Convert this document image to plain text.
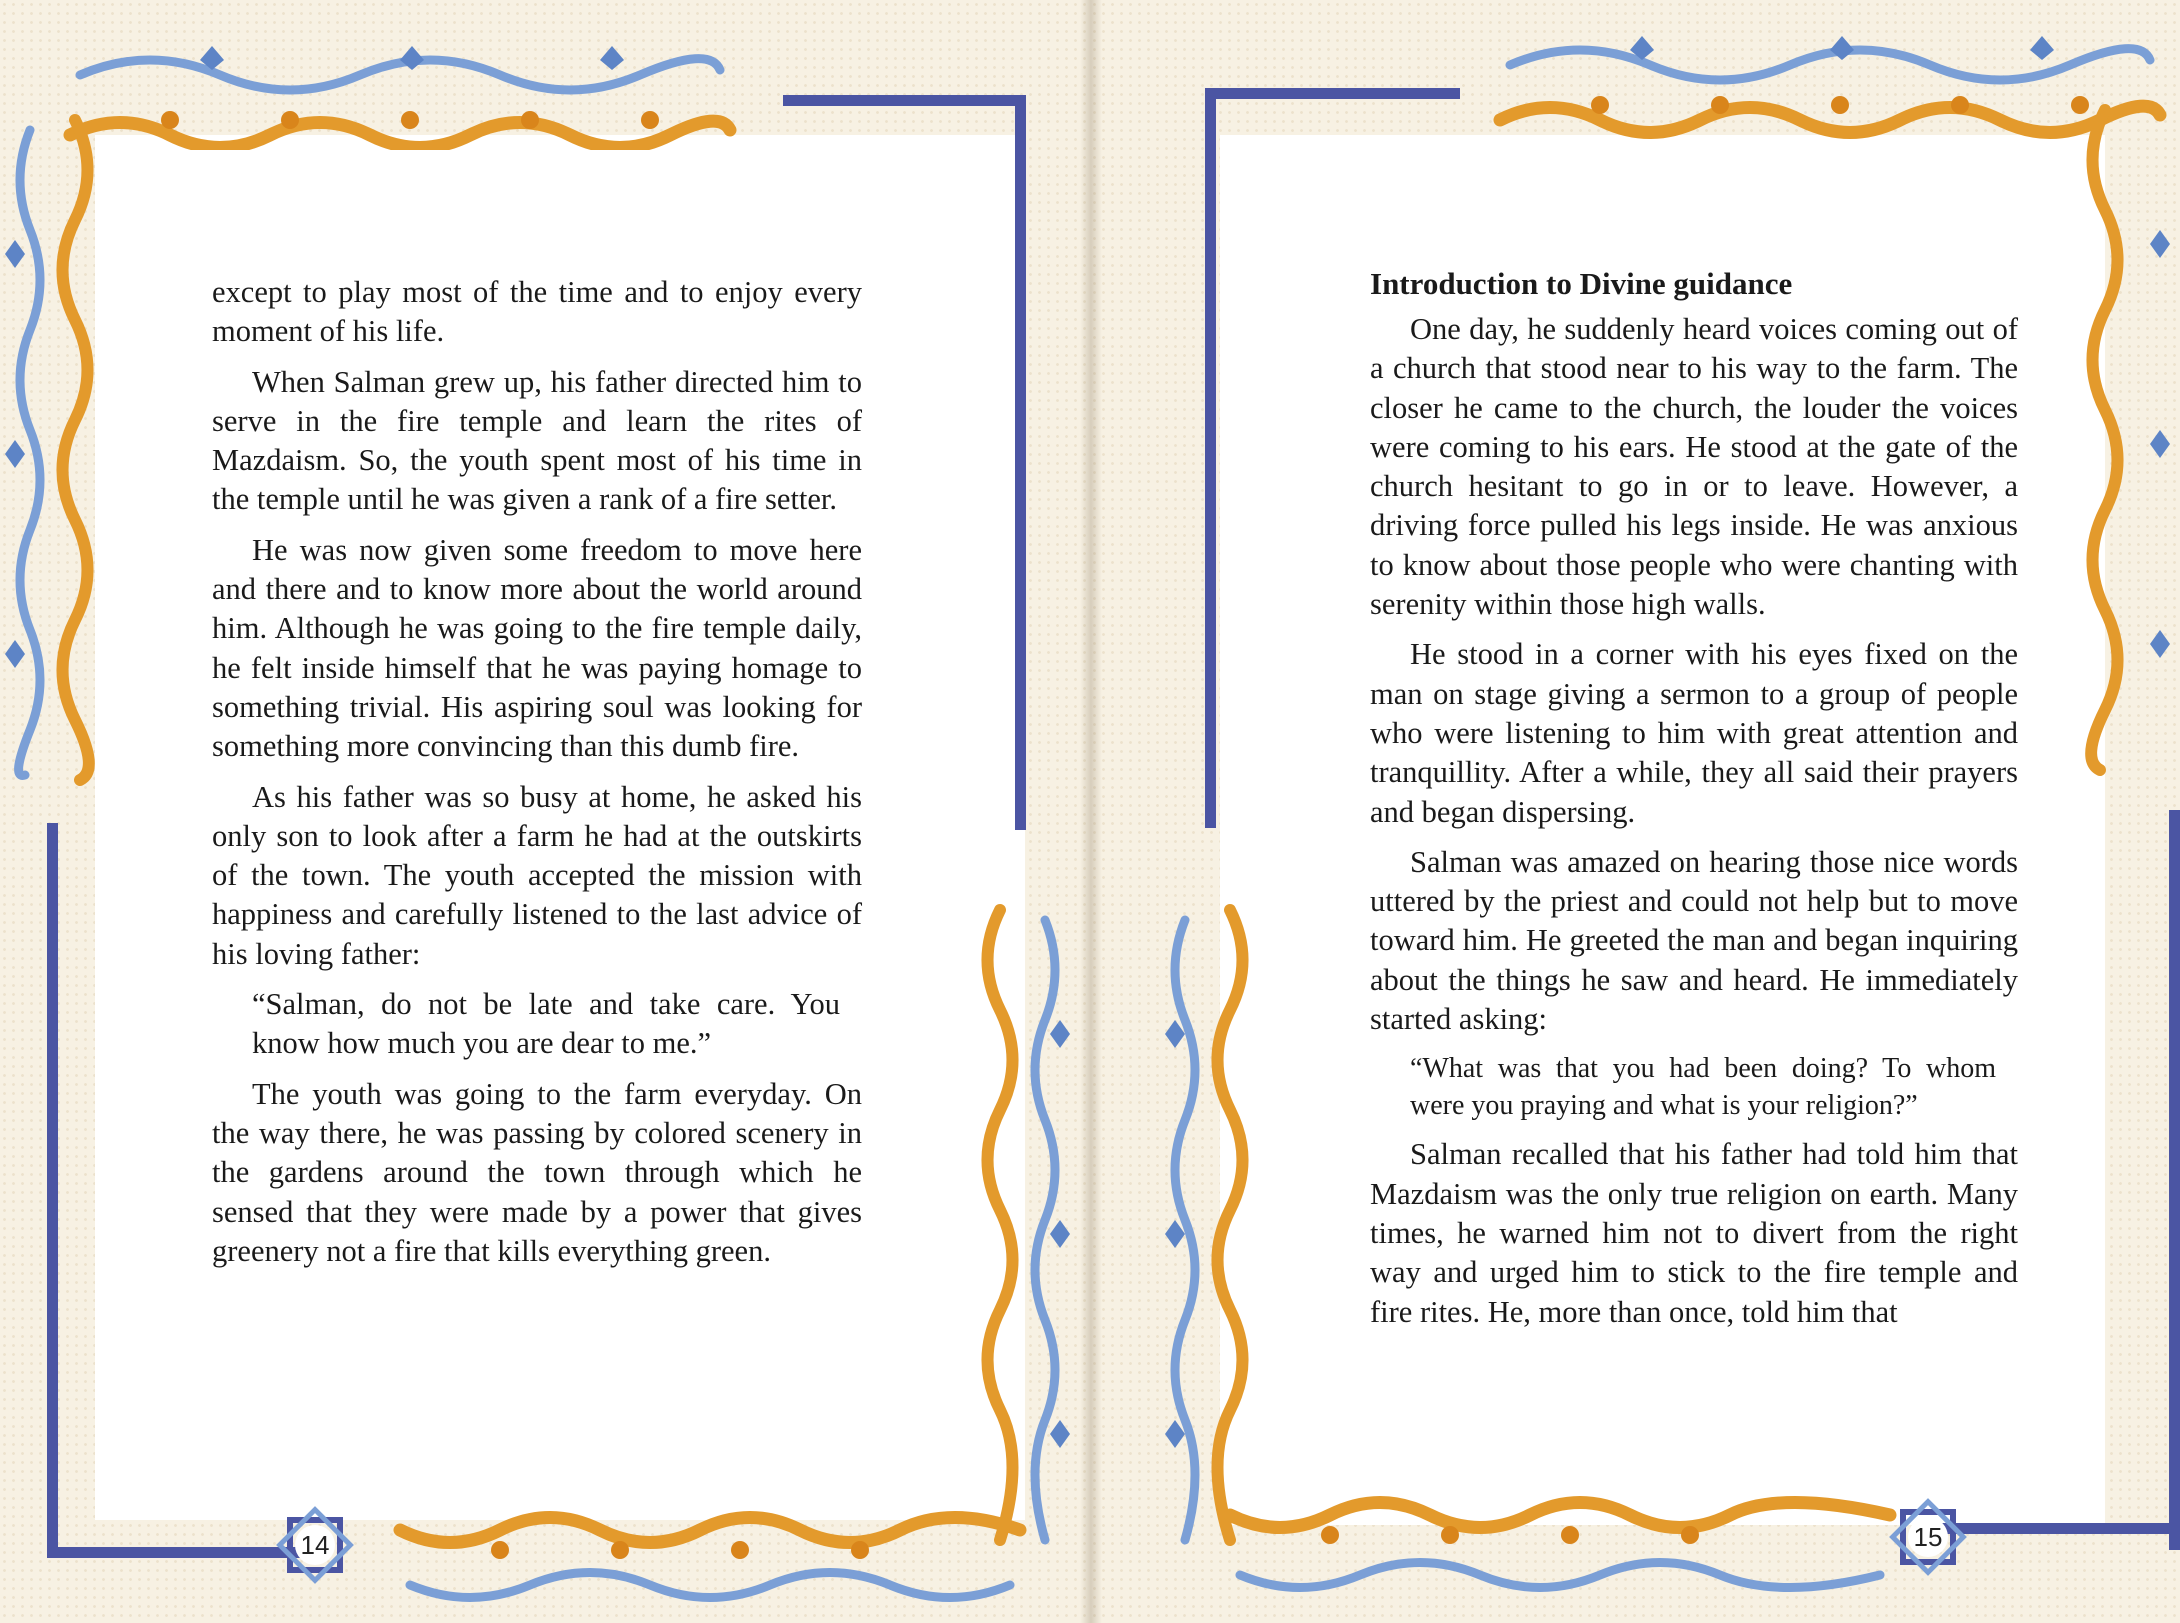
14

except to play most of the time and to enjoy every moment of his life.

When Salman grew up, his father directed him to serve in the fire temple and learn the rites of Mazdaism. So, the youth spent most of his time in the temple until he was given a rank of a fire setter.

He was now given some freedom to move here and there and to know more about the world around him. Although he was going to the fire temple daily, he felt inside himself that he was paying homage to something trivial. His aspiring soul was looking for something more convincing than this dumb fire.

As his father was so busy at home, he asked his only son to look after a farm he had at the outskirts of the town. The youth accepted the mission with happiness and carefully listened to the last advice of his loving father:

“Salman, do not be late and take care. You know how much you are dear to me.”

The youth was going to the farm everyday. On the way there, he was passing by colored scenery in the gardens around the town through which he sensed that they were made by a power that gives greenery not a fire that kills everything green.

15
Introduction to Divine guidance

One day, he suddenly heard voices coming out of a church that stood near to his way to the farm. The closer he came to the church, the louder the voices were coming to his ears. He stood at the gate of the church hesitant to go in or to leave. However, a driving force pulled his legs inside. He was anxious to know about those people who were chanting with serenity within those high walls.

He stood in a corner with his eyes fixed on the man on stage giving a sermon to a group of people who were listening to him with great attention and tranquillity. After a while, they all said their prayers and began dispersing.

Salman was amazed on hearing those nice words uttered by the priest and could not help but to move toward him. He greeted the man and began inquiring about the things he saw and heard. He immediately started asking:

“What was that you had been doing? To whom were you praying and what is your religion?”

Salman recalled that his father had told him that Mazdaism was the only true religion on earth. Many times, he warned him not to divert from the right way and urged him to stick to the fire temple and fire rites. He, more than once, told him that
